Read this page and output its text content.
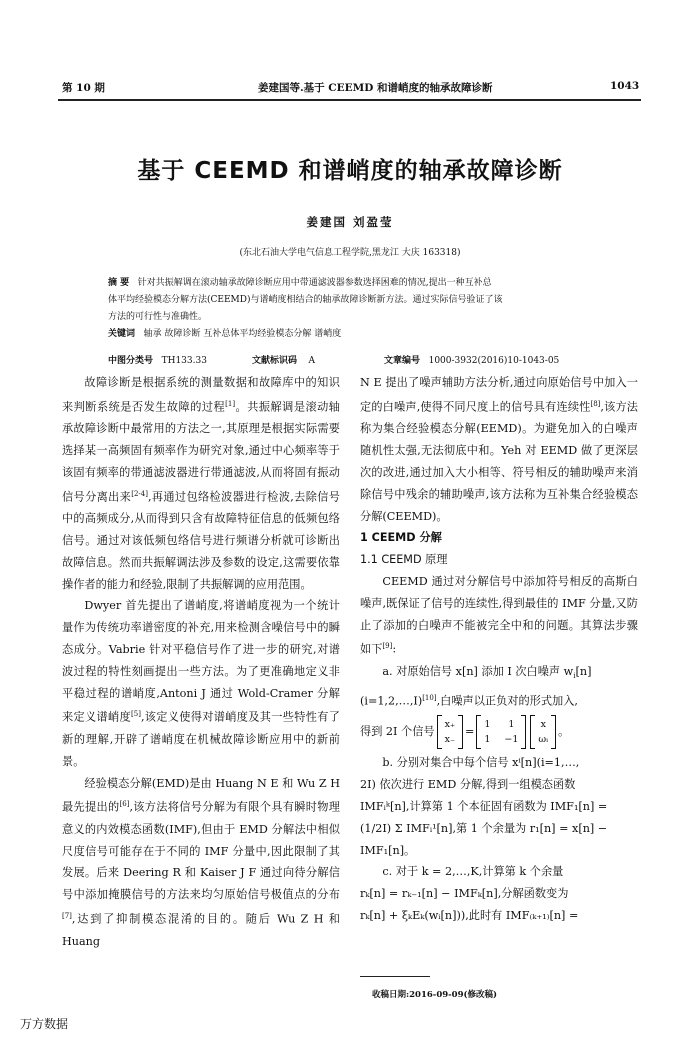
第 10 期	姜建国等.基于 CEEMD 和谱峭度的轴承故障诊断	1043
基于 CEEMD 和谱峭度的轴承故障诊断
姜建国 刘盈莹
(东北石油大学电气信息工程学院,黑龙江 大庆 163318)
摘 要 针对共振解调在滚动轴承故障诊断应用中带通滤波器参数选择困难的情况,提出一种互补总
体平均经验模态分解方法(CEEMD)与谱峭度相结合的轴承故障诊断新方法。通过实际信号验证了该
方法的可行性与准确性。
关键词 轴承 故障诊断 互补总体平均经验模态分解 谱峭度
中图分类号 TH133.33	文献标识码 A	文章编号 1000-3932(2016)10-1043-05

故障诊断是根据系统的测量数据和故障库中的知识来判断系统是否发生故障的过程[1]。共振解调是滚动轴承故障诊断中最常用的方法之一,其原理是根据实际需要选择某一高频固有频率作为研究对象,通过中心频率等于该固有频率的带通滤波器进行带通滤波,从而将固有振动信号分离出来[2-4],再通过包络检波器进行检波,去除信号中的高频成分,从而得到只含有故障特征信息的低频包络信号。通过对该低频包络信号进行频谱分析就可诊断出故障信息。然而共振解调法涉及参数的设定,这需要依靠操作者的能力和经验,限制了共振解调的应用范围。

Dwyer 首先提出了谱峭度,将谱峭度视为一个统计量作为传统功率谱密度的补充,用来检测含噪信号中的瞬态成分。Vabrie 针对平稳信号作了进一步的研究,对谱波过程的特性刻画提出一些方法。为了更准确地定义非平稳过程的谱峭度,Antoni J 通过 Wold-Cramer 分解来定义谱峭度[5],该定义使得对谱峭度及其一些特性有了新的理解,开辟了谱峭度在机械故障诊断应用中的新前景。

经验模态分解(EMD)是由 Huang N E 和 Wu Z H 最先提出的[6],该方法将信号分解为有限个具有瞬时物理意义的内效模态函数(IMF),但由于 EMD 分解法中相似尺度信号可能存在于不同的 IMF 分量中,因此限制了其发展。后来 Deering R 和 Kaiser J F 通过向待分解信号中添加掩膜信号的方法来均匀原始信号极值点的分布[7],达到了抑制模态混淆的目的。随后 Wu Z H 和 Huang

N E 提出了噪声辅助方法分析,通过向原始信号中加入一定的白噪声,使得不同尺度上的信号具有连续性[8],该方法称为集合经验模态分解(EEMD)。为避免加入的白噪声随机性太强,无法彻底中和。Yeh 对 EEMD 做了更深层次的改进,通过加入大小相等、符号相反的辅助噪声来消除信号中残余的辅助噪声,该方法称为互补集合经验模态分解(CEEMD)。

1 CEEMD 分解

1.1 CEEMD 原理

CEEMD 通过对分解信号中添加符号相反的高斯白噪声,既保证了信号的连续性,得到最佳的 IMF 分量,又防止了添加的白噪声不能被完全中和的问题。其算法步骤如下[9]:

a. 对原始信号 x[n] 添加 I 次白噪声 $w_i[n]$

(i=1,2,…,I)[10],白噪声以正负对的形式加入,

得到 2I 个信号
x₊
x₋
=
1	1
1 −1
x
ωᵢ
。

b. 分别对集合中每个信号 xⁱ[n](i=1,…,

2I) 依次进行 EMD 分解,得到一组模态函数

IMFᵢᵏ[n],计算第 1 个本征固有函数为 IMF₁[n] =

(1/2I) Σ IMFᵢ¹[n],第 1 个余量为 r₁[n] = x[n] −

IMF₁[n]。

c. 对于 k = 2,…,K,计算第 k 个余量

rₖ[n] = rₖ₋₁[n] − IMFₖ[n],分解函数变为

rₖ[n] + ξₖEₖ(wᵢ[n])),此时有 IMF₍ₖ₊₁₎[n] =

收稿日期:2016-09-09(修改稿)
万方数据
